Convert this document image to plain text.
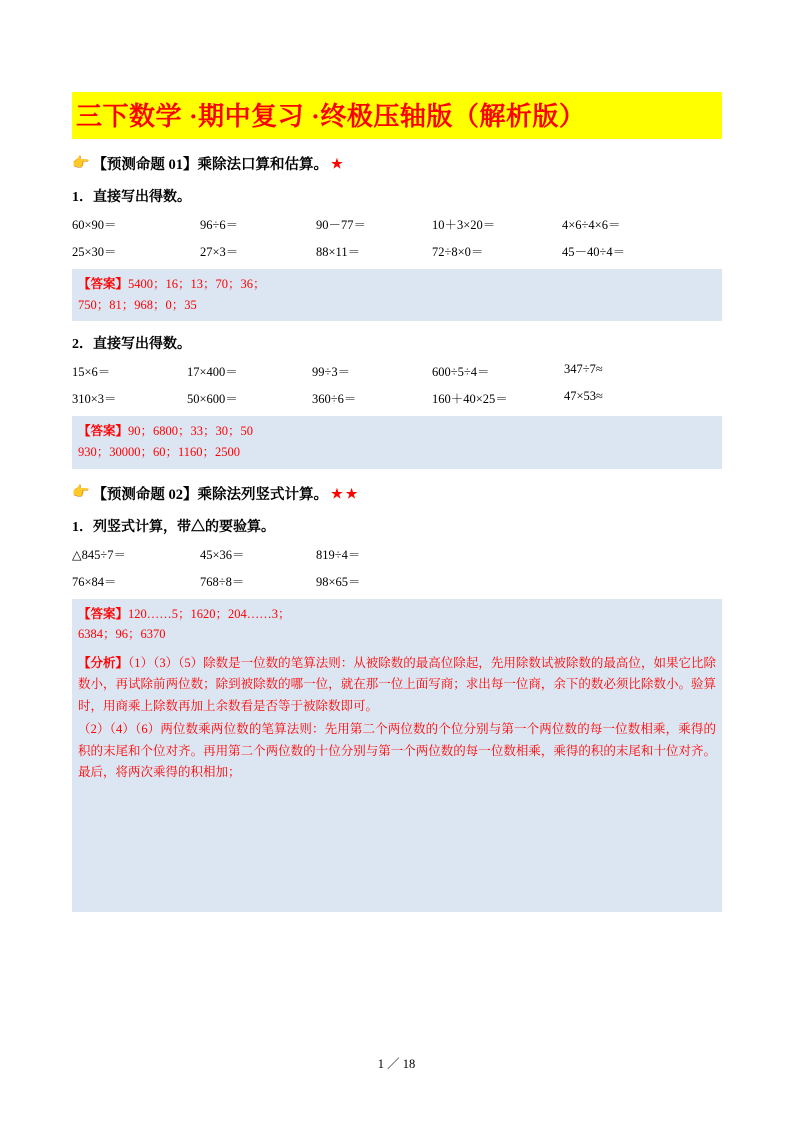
三下数学 ·期中复习 ·终极压轴版（解析版）
👉 【预测命题 01】乘除法口算和估算。 ★
1．直接写出得数。
60×90＝	96÷6＝	90－77＝	10＋3×20＝	4×6÷4×6＝
25×30＝	27×3＝	88×11＝	72÷8×0＝	45－40÷4＝
【答案】5400；16；13；70；36；
750；81；968；0；35
2．直接写出得数。
15×6＝	17×400＝	99÷3＝	600÷5÷4＝	347÷7≈
310×3＝	50×600＝	360÷6＝	160＋40×25＝	47×53≈
【答案】90；6800；33；30；50
930；30000；60；1160；2500
👉 【预测命题 02】乘除法列竖式计算。 ★ ★
1．列竖式计算，带△的要验算。
△845÷7＝	45×36＝	819÷4＝
76×84＝	768÷8＝	98×65＝
【答案】120……5；1620；204……3；
6384；96；6370

【分析】（1）（3）（5）除数是一位数的笔算法则：从被除数的最高位除起，先用除数试被除数的最高位，如果它比除数小，再试除前两位数；除到被除数的哪一位，就在那一位上面写商；求出每一位商，余下的数必须比除数小。验算时，用商乘上除数再加上余数看是否等于被除数即可。

（2）（4）（6）两位数乘两位数的笔算法则：先用第二个两位数的个位分别与第一个两位数的每一位数相乘，乘得的积的末尾和个位对齐。再用第二个两位数的十位分别与第一个两位数的每一位数相乘，乘得的积的末尾和十位对齐。最后，将两次乘得的积相加；

1 ／ 18
